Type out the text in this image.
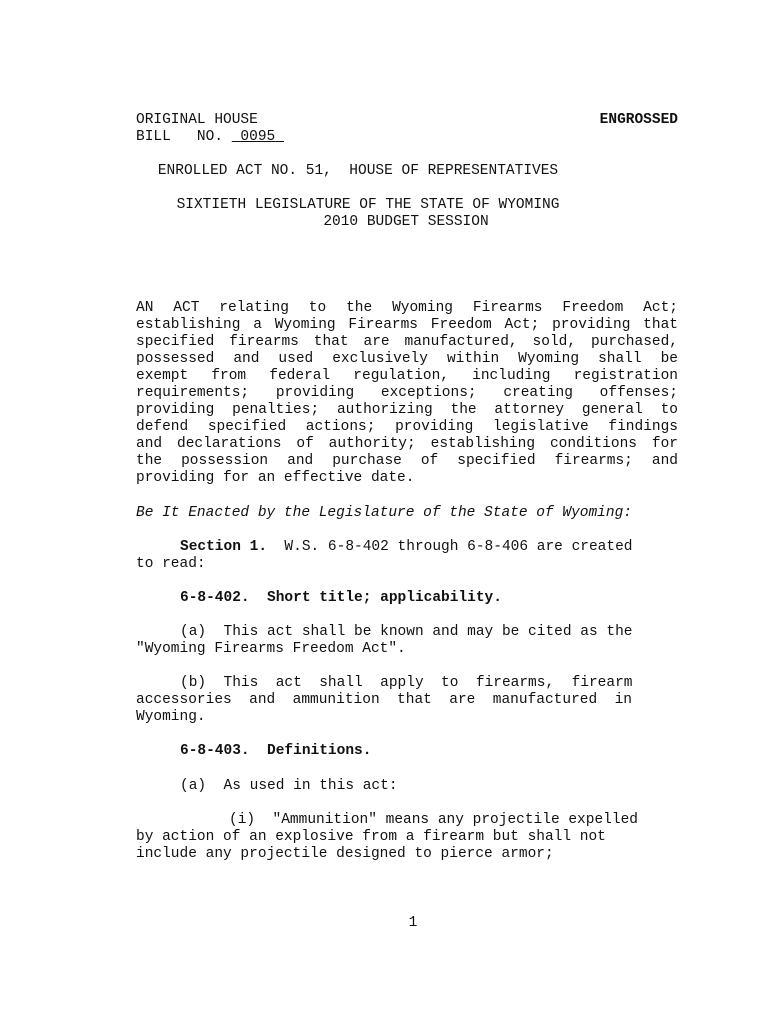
ORIGINAL HOUSE	ENGROSSED
BILL   NO. 0095
ENROLLED ACT NO. 51,  HOUSE OF REPRESENTATIVES
SIXTIETH LEGISLATURE OF THE STATE OF WYOMING
2010 BUDGET SESSION
AN ACT relating to the Wyoming Firearms Freedom Act;
establishing a Wyoming Firearms Freedom Act; providing that
specified firearms that are manufactured, sold, purchased,
possessed and used exclusively within Wyoming shall be
exempt from federal regulation, including registration
requirements; providing exceptions; creating offenses;
providing penalties; authorizing the attorney general to
defend specified actions; providing legislative findings
and declarations of authority; establishing conditions for
the possession and purchase of specified firearms; and
providing for an effective date.
Be It Enacted by the Legislature of the State of Wyoming:
Section 1. W.S. 6-8-402 through 6-8-406 are created
to read:
6-8-402.  Short title; applicability.
(a)  This act shall be known and may be cited as the
"Wyoming Firearms Freedom Act".
(b)  This  act  shall  apply  to  firearms,  firearm
accessories  and  ammunition  that  are  manufactured  in
Wyoming.
6-8-403.  Definitions.
(a)  As used in this act:
(i)  "Ammunition" means any projectile expelled
by action of an explosive from a firearm but shall not
include any projectile designed to pierce armor;
1
